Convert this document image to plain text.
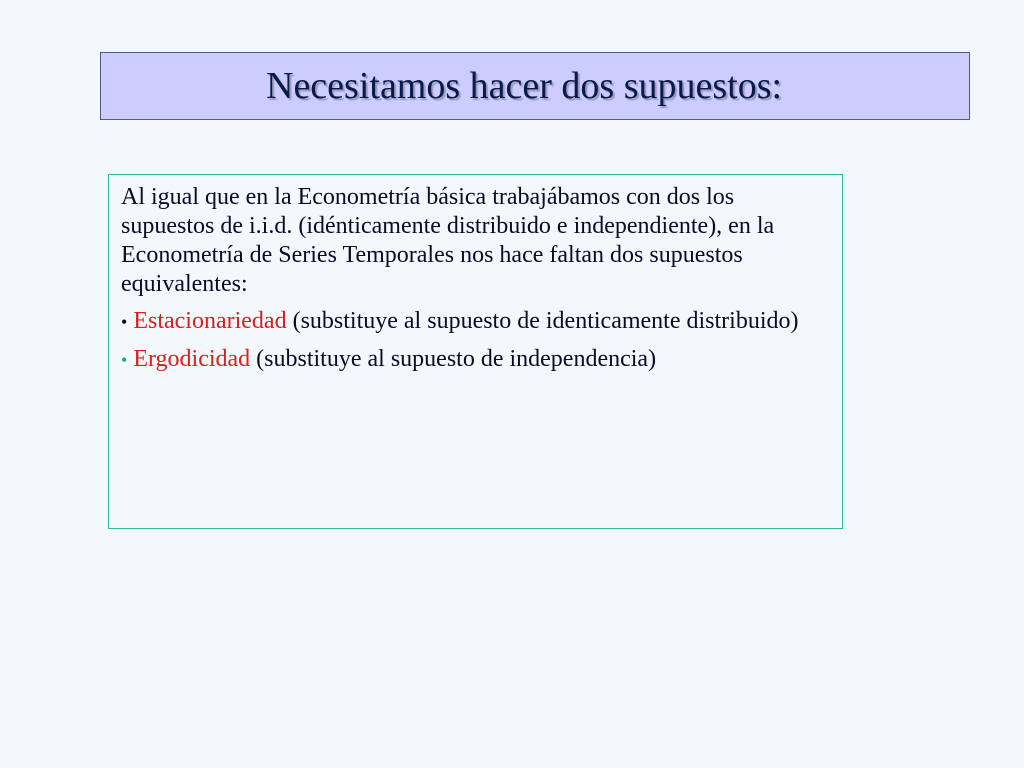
Necesitamos hacer dos supuestos:

Al igual que en la Econometría básica trabajábamos con dos los supuestos de i.i.d. (idénticamente distribuido e independiente), en la Econometría de Series Temporales nos hace faltan dos supuestos equivalentes:

• Estacionariedad (substituye al supuesto de identicamente distribuido)
• Ergodicidad (substituye al supuesto de independencia)
